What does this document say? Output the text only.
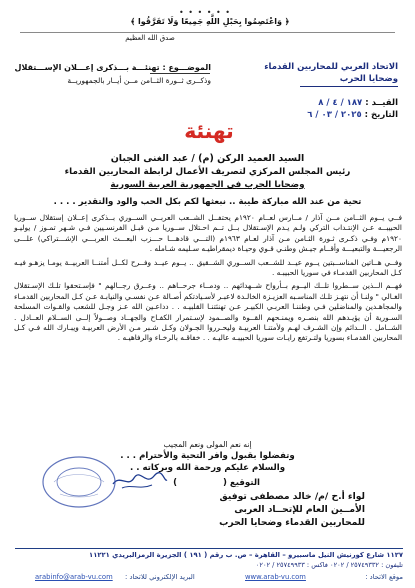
• • • • • •
﴿ وَاعْتَصِمُوا بِحَبْلِ اللَّهِ جَمِيعًا وَلَا تَفَرَّقُوا ﴾
صدق الله العظيم
الاتحاد العربي للمحاربين القدماء
وضحايا الحرب
الموضـــوع : تهنئـــة بـــذكرى إعـــلان الإســـتقلال
وذكــرى ثــورة الثــامن مــن أيــار بالجمهوريــة
القيــد : ١٨٧ / ٤ / ٨
التاريخ : ٢٠٢٥ / ٠٣ / ٦
تهنئة
السيد العميد الركن (م) / عبد الغنى الجبان
رئيس المجلس المركزي لتصريف الأعمال لرابطة المحاربين القدماء
وضحايا الحرب في الجمهورية العربية السورية
تحية من عند الله مباركة طيبة .. نبعثها لكم بكل الحب والود والتقدير . . . .

فــي يــوم الثــامن مــن آذار / مــارس لعــام ١٩٢٠م يحتفــل الشــعب العربــي الســوري بــذكرى إعــلان إستقلال ســوريا الحبيبــه عـن الإنتـداب التركي ولـم يـدم الإسـتقلال بــل تــم احـتلال ســوريا مـن قبـل الفرنسـيين فـي شـهر تمـوز / يوليـو ١٩٢٠م وفـي ذكـرى ثـورة الثـامن مـن آذار لعـام ١٩٦٣م (التـــي قادهـــا حـــزب البعـــث العربـــي الإشـــتراكي) علـــى الرجعيـــة والتبعيـــة وأقــام جيـش وطنـي قـوي وحيـاة ديمقراطيـه سـليمه شـامله .

وفــي هــاتين المناســبتين يــوم عيــد للشــعب الســوري الشــقيق .. يــوم عيــد وفــرح لكــل أمتنــا العربيــة يومـا يزهـو فيـه كـل المحاربين القدمـاء في سوريا الحبيبـه .

فهــم الــذين ســطروا تلــك اليــوم بــأرواح شــهدائهم .. ودمــاء جرحــاهم .. وعــرق رجــالهم " فإسـتحقوا تلـك الإسـتقلال الغـالي " ولنـا أن نتهـز تلـك المناسـبه العزيـزة الخالـدة لاعبـر لأسـيادتكم أصـالة عـن نفسـي والنيابـة عـن كـل المحاربين القدمـاء والمجاهـدين والمناضلين فـي وطننـا العربـي الكبيـر عـن تهنئتنـا القلبيـه . . دداعـين الله عـز وجـل للشعب والقـوات المسلحة السـورية أن يؤيـدهم الله بنصـره ويمنـحهم القــوة والصــمود لإسـتمرار الكفـاح والجهــاد وصــولاً إلــى الســلام العــادل . الشــامل . الــدائم وإن الشـرف لهـم ولأمتنـا العربيـة وليحـرروا الجـولان وكـل شـبر مـن الأرض العربيـة ويبـارك الله فـي كـل المحاربين القدمـاء بسوريا ولتـرتفع رايـات سوريا الحبيبـه عاليـه . . خفاقـه بالرخـاء والرفاهيـه .

إنه نعم المولى ونعم المجيب
وتفضلوا بقبول وافر التحية والأحترام . . .
والسلام عليكم ورحمة الله وبركاته . .
التوقيع (  )
لواء أ.ح /م/ خالد مصطفى توفيق
الأمــين العام للإتحــاد العربى
للمحاربين القدماء وضحايا الحرب
١١٢٧ شارع كورنيش النيل ماسبيرو – القاهرة – ص. ب رقم ( ١٩١ ) الجزيرة الرمزالبريدي ١١٢٢١
تليفون : ٢٥٧٤٩٣٣٢ / ٠٢٠٢ فاكس : ٢٥٧٤٩٩٣٣ / ٠٢٠٢
arabinfo@arab-vu.com البريد الإلكتروني للاتحاد :	www.arab-vu.com	موقع الاتحاد :
